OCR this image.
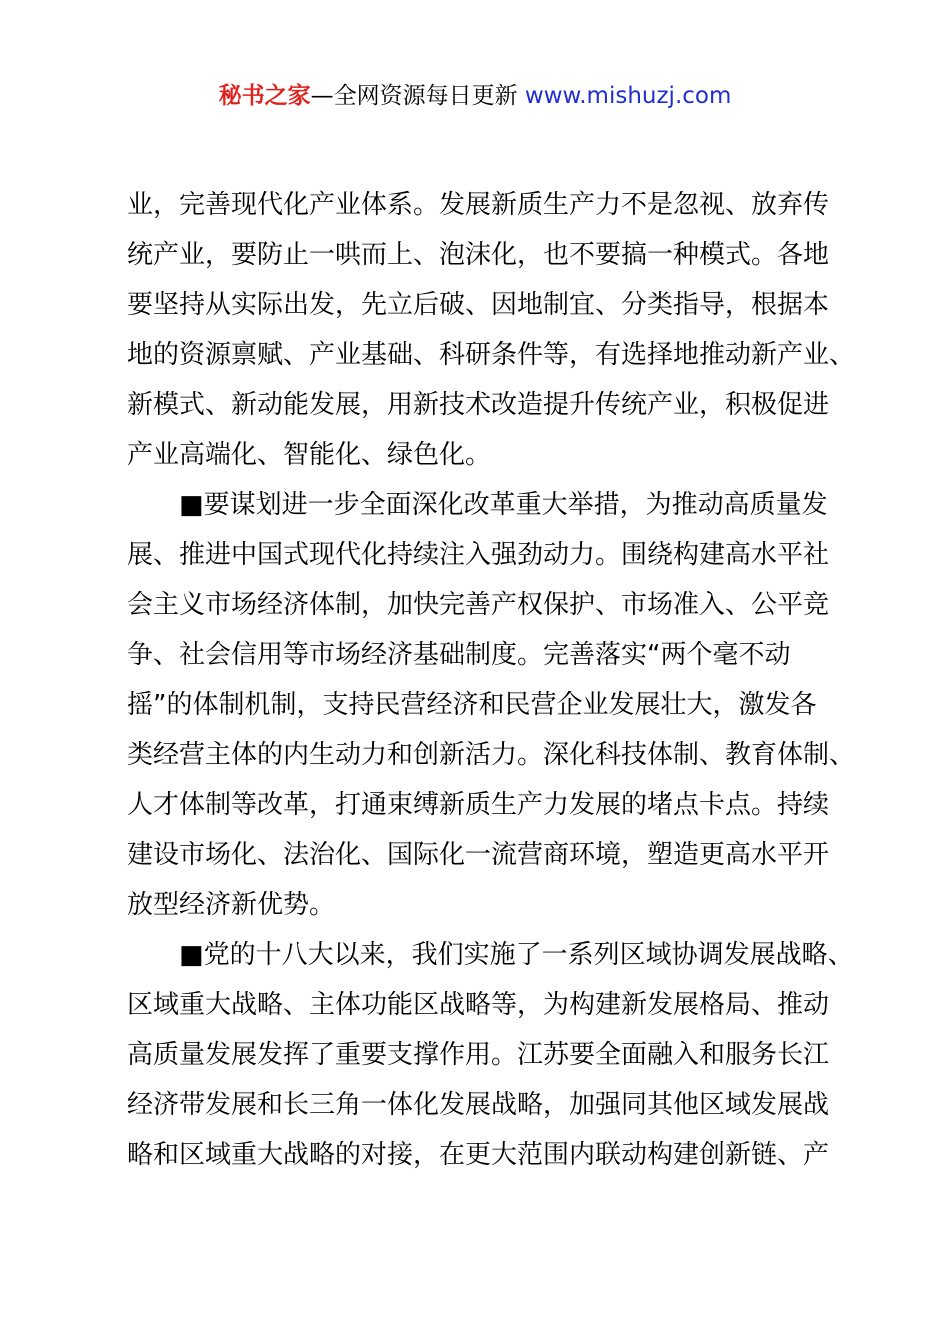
秘书之家—全网资源每日更新 www.mishuzj.com
业，完善现代化产业体系。发展新质生产力不是忽视、放弃传
统产业，要防止一哄而上、泡沫化，也不要搞一种模式。各地
要坚持从实际出发，先立后破、因地制宜、分类指导，根据本
地的资源禀赋、产业基础、科研条件等，有选择地推动新产业、
新模式、新动能发展，用新技术改造提升传统产业，积极促进
产业高端化、智能化、绿色化。
　　■要谋划进一步全面深化改革重大举措，为推动高质量发
展、推进中国式现代化持续注入强劲动力。围绕构建高水平社
会主义市场经济体制，加快完善产权保护、市场准入、公平竞
争、社会信用等市场经济基础制度。完善落实“两个毫不动
摇”的体制机制，支持民营经济和民营企业发展壮大，激发各
类经营主体的内生动力和创新活力。深化科技体制、教育体制、
人才体制等改革，打通束缚新质生产力发展的堵点卡点。持续
建设市场化、法治化、国际化一流营商环境，塑造更高水平开
放型经济新优势。
　　■党的十八大以来，我们实施了一系列区域协调发展战略、
区域重大战略、主体功能区战略等，为构建新发展格局、推动
高质量发展发挥了重要支撑作用。江苏要全面融入和服务长江
经济带发展和长三角一体化发展战略，加强同其他区域发展战
略和区域重大战略的对接，在更大范围内联动构建创新链、产
